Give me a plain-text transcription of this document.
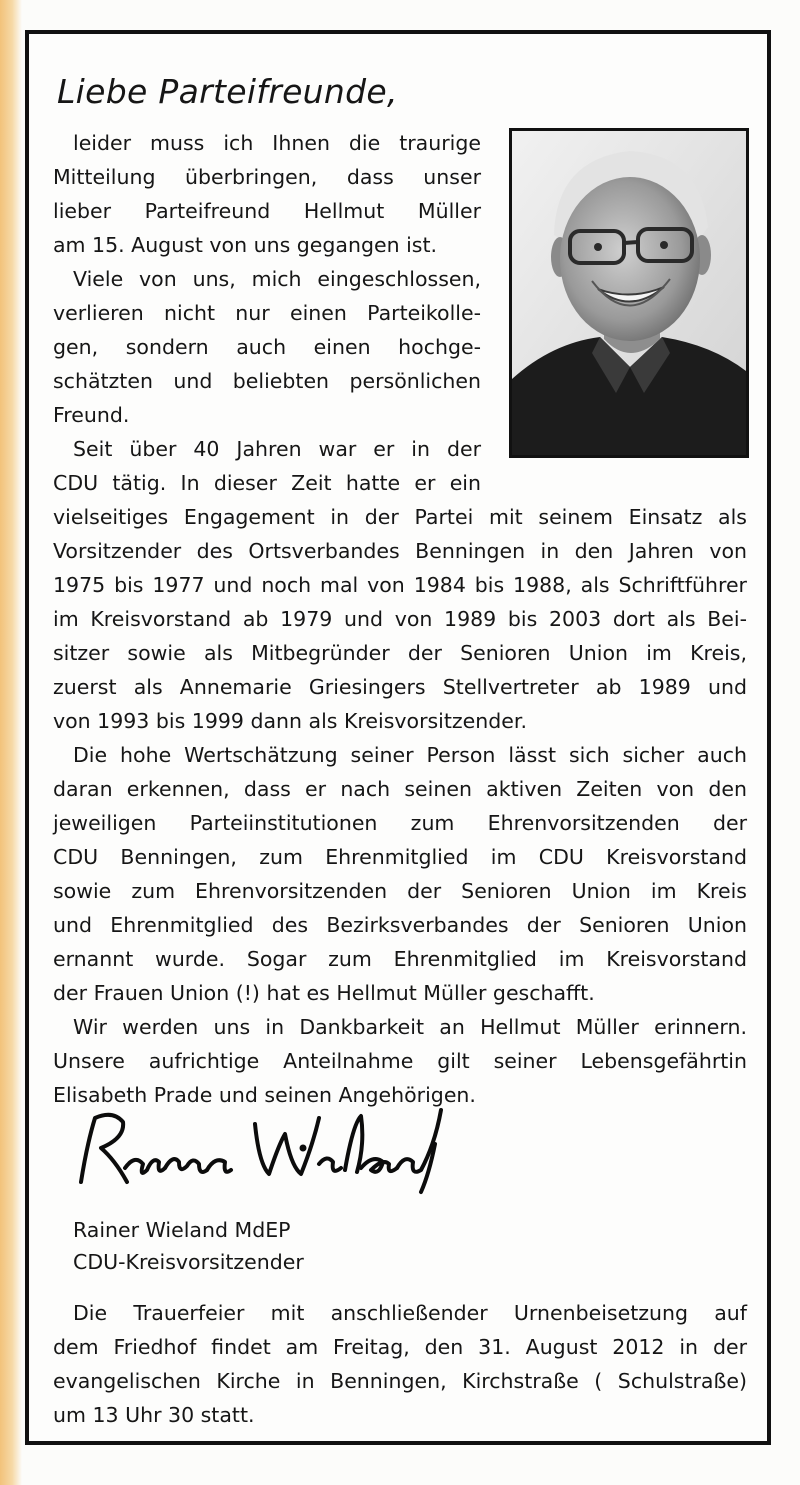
Liebe Parteifreunde,

leider muss ich Ihnen die traurige

Mitteilung überbringen, dass unser

lieber Parteifreund Hellmut Müller

am 15. August von uns gegangen ist.

Viele von uns, mich eingeschlossen,

verlieren nicht nur einen Parteikolle-

gen, sondern auch einen hochge-

schätzten und beliebten persönlichen

Freund.

Seit über 40 Jahren war er in der

CDU tätig. In dieser Zeit hatte er ein

vielseitiges Engagement in der Partei mit seinem Einsatz als

Vorsitzender des Ortsverbandes Benningen in den Jahren von

1975 bis 1977 und noch mal von 1984 bis 1988, als Schriftführer

im Kreisvorstand ab 1979 und von 1989 bis 2003 dort als Bei-

sitzer sowie als Mitbegründer der Senioren Union im Kreis,

zuerst als Annemarie Griesingers Stellvertreter ab 1989 und

von 1993 bis 1999 dann als Kreisvorsitzender.

Die hohe Wertschätzung seiner Person lässt sich sicher auch

daran erkennen, dass er nach seinen aktiven Zeiten von den

jeweiligen Parteiinstitutionen zum Ehrenvorsitzenden der

CDU Benningen, zum Ehrenmitglied im CDU Kreisvorstand

sowie zum Ehrenvorsitzenden der Senioren Union im Kreis

und Ehrenmitglied des Bezirksverbandes der Senioren Union

ernannt wurde. Sogar zum Ehrenmitglied im Kreisvorstand

der Frauen Union (!) hat es Hellmut Müller geschafft.

Wir werden uns in Dankbarkeit an Hellmut Müller erinnern.

Unsere aufrichtige Anteilnahme gilt seiner Lebensgefährtin

Elisabeth Prade und seinen Angehörigen.

Rainer Wieland MdEP

CDU-Kreisvorsitzender

Die Trauerfeier mit anschließender Urnenbeisetzung auf

dem Friedhof findet am Freitag, den 31. August 2012 in der

evangelischen Kirche in Benningen, Kirchstraße ( Schulstraße)

um 13 Uhr 30 statt.
